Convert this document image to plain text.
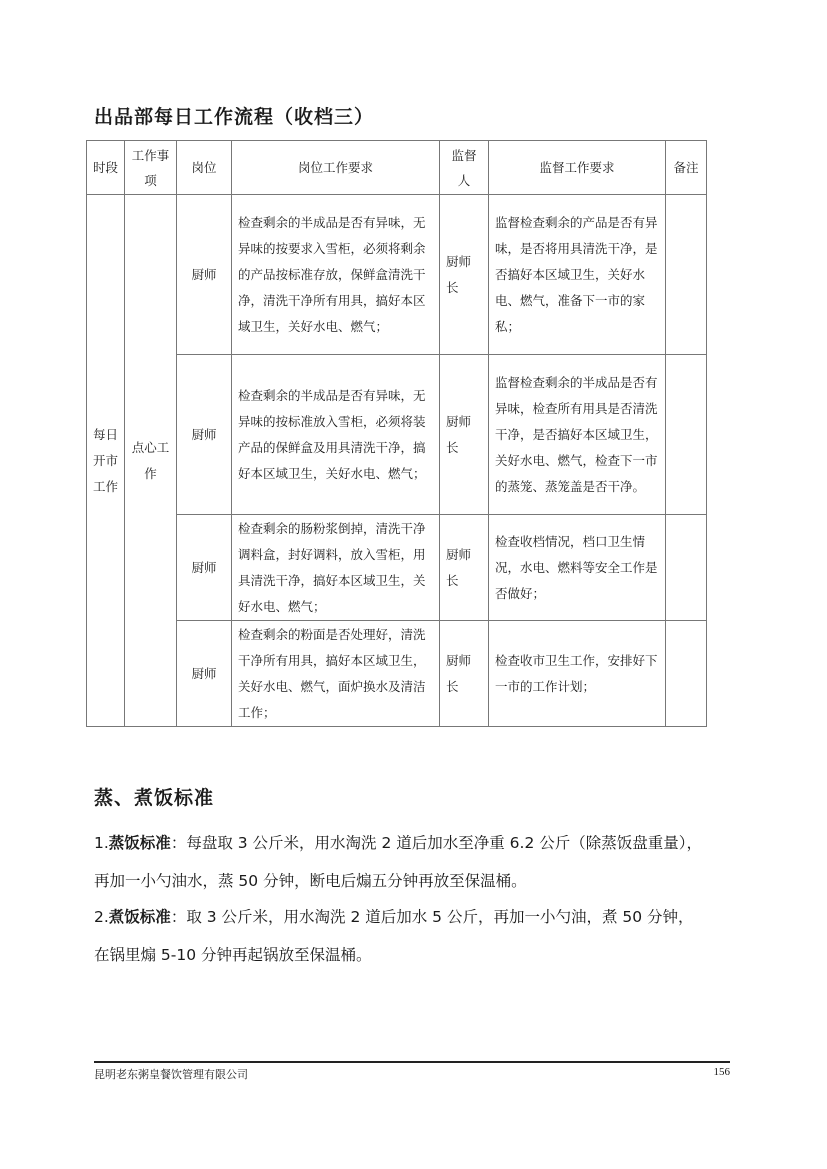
出品部每日工作流程（收档三）
时段	工作事项	岗位	岗位工作要求	监督人	监督工作要求	备注
每日开市工作	点心工作	厨师	检查剩余的半成品是否有异味，无异味的按要求入雪柜，必须将剩余的产品按标准存放，保鲜盒清洗干净，清洗干净所有用具，搞好本区域卫生，关好水电、燃气；	厨师长	监督检查剩余的产品是否有异味，是否将用具清洗干净，是否搞好本区域卫生，关好水电、燃气，准备下一市的家私；	
		厨师	检查剩余的半成品是否有异味，无异味的按标准放入雪柜，必须将装产品的保鲜盒及用具清洗干净，搞好本区域卫生，关好水电、燃气；	厨师长	监督检查剩余的半成品是否有异味，检查所有用具是否清洗干净，是否搞好本区域卫生，关好水电、燃气，检查下一市的蒸笼、蒸笼盖是否干净。	
		厨师	检查剩余的肠粉浆倒掉，清洗干净调料盒，封好调料，放入雪柜，用具清洗干净，搞好本区域卫生，关好水电、燃气；	厨师长	检查收档情况，档口卫生情况，水电、燃料等安全工作是否做好；	
		厨师	检查剩余的粉面是否处理好，清洗干净所有用具，搞好本区域卫生，关好水电、燃气，面炉换水及清洁工作；	厨师长	检查收市卫生工作，安排好下一市的工作计划；	
蒸、煮饭标准
1.蒸饭标准：每盘取 3 公斤米，用水淘洗 2 道后加水至净重 6.2 公斤（除蒸饭盘重量），
再加一小勺油水，蒸 50 分钟，断电后煽五分钟再放至保温桶。
2.煮饭标准：取 3 公斤米，用水淘洗 2 道后加水 5 公斤，再加一小勺油，煮 50 分钟，
在锅里煽 5-10 分钟再起锅放至保温桶。
昆明老东粥皇餐饮管理有限公司	156
